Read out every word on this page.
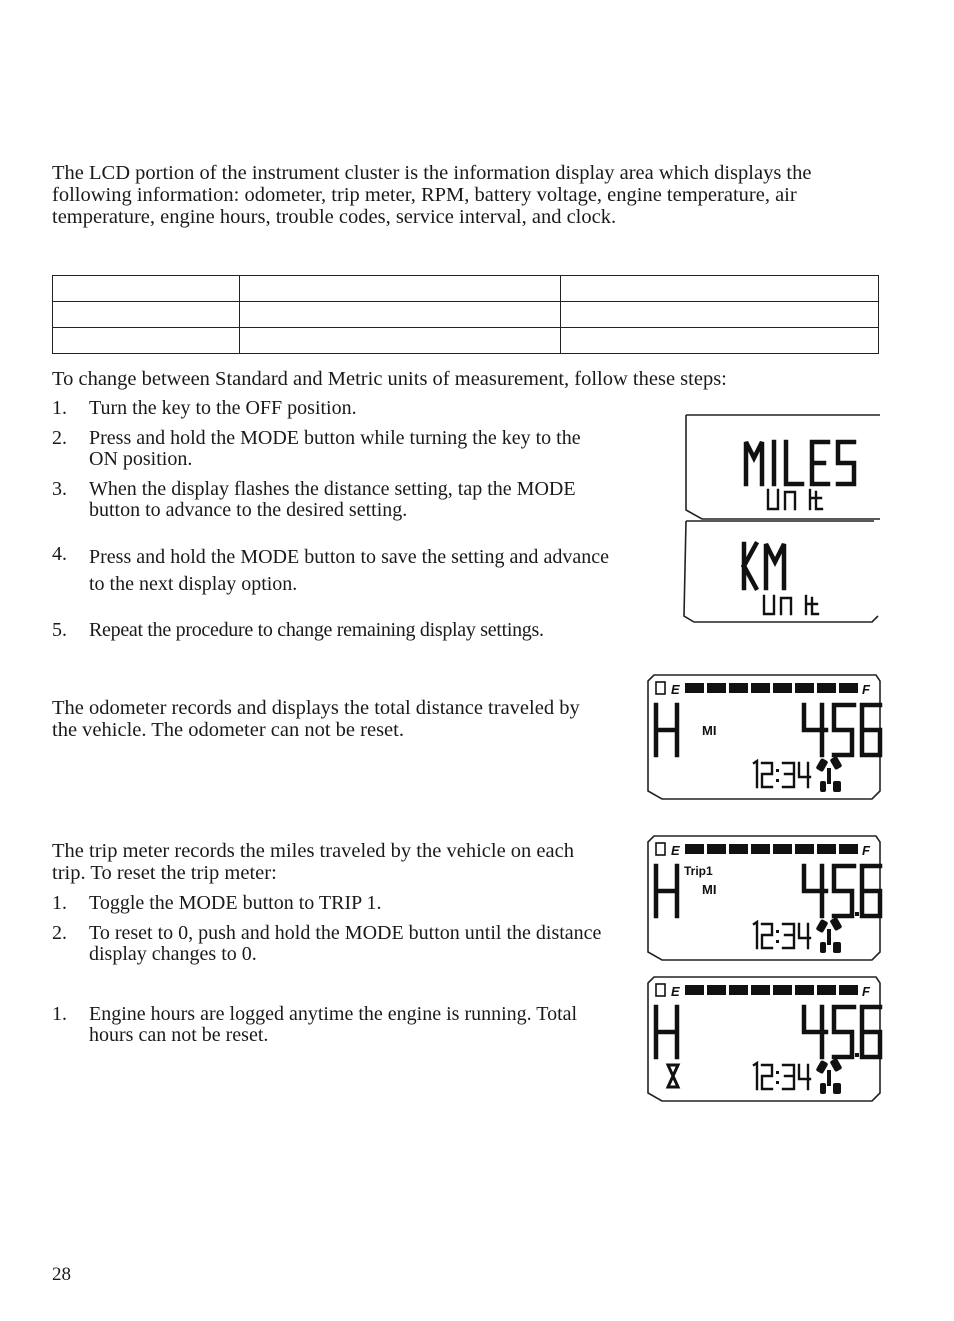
The LCD portion of the instrument cluster is the information display area which displays the following information: odometer, trip meter, RPM, battery voltage, engine temperature, air temperature, engine hours, trouble codes, service interval, and clock.

To change between Standard and Metric units of measurement, follow these steps:

1. Turn the key to the OFF position.
2. Press and hold the MODE button while turning the key to the ON position.
3. When the display flashes the distance setting, tap the MODE button to advance to the desired setting.
4. Press and hold the MODE button to save the setting and advance to the next display option.
5. Repeat the procedure to change remaining display settings.

The odometer records and displays the total distance traveled by the vehicle. The odometer can not be reset.

The trip meter records the miles traveled by the vehicle on each trip. To reset the trip meter:

1. Toggle the MODE button to TRIP 1.
2. To reset to 0, push and hold the MODE button until the distance display changes to 0.
1. Engine hours are logged anytime the engine is running. Total hours can not be reset.
E	F
MI
E	F
Trip1
MI
E	F
28
